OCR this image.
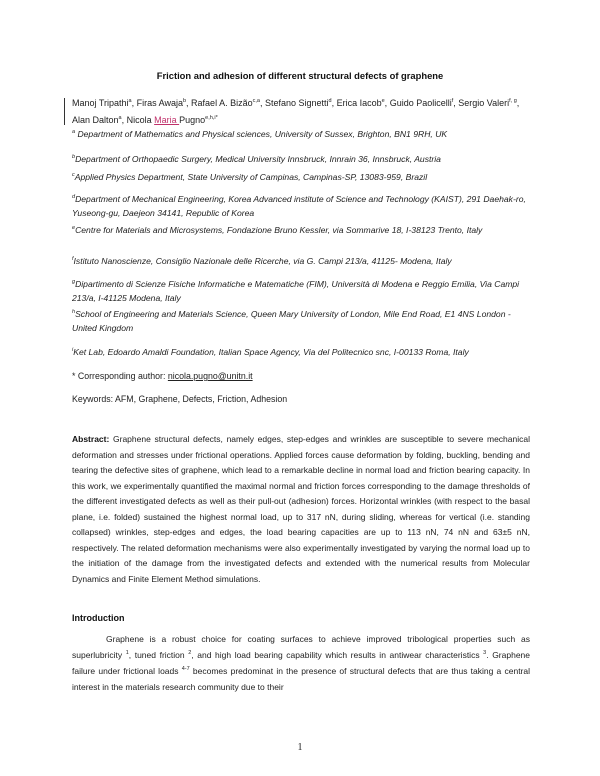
Friction and adhesion of different structural defects of graphene
Manoj Tripathi$^a$, Firas Awaja$^b$, Rafael A. Bizão$^{c,a}$, Stefano Signetti$^d$, Erica Iacob$^e$, Guido Paolicelli$^f$, Sergio Valeri$^{f, g}$, Alan Dalton$^a$, Nicola Maria Pugno$^{e,h,i*}$
$^a$ Department of Mathematics and Physical sciences, University of Sussex, Brighton, BN1 9RH, UK
$^b$Department of Orthopaedic Surgery, Medical University Innsbruck, Innrain 36, Innsbruck, Austria
$^c$Applied Physics Department, State University of Campinas, Campinas-SP, 13083-959, Brazil
$^d$Department of Mechanical Engineering, Korea Advanced institute of Science and Technology (KAIST), 291 Daehak-ro, Yuseong-gu, Daejeon 34141, Republic of Korea
$^e$Centre for Materials and Microsystems, Fondazione Bruno Kessler, via Sommarive 18, I-38123 Trento, Italy
$^f$Istituto Nanoscienze, Consiglio Nazionale delle Ricerche, via G. Campi 213/a, 41125- Modena, Italy
$^g$Dipartimento di Scienze Fisiche Informatiche e Matematiche (FIM), Università di Modena e Reggio Emilia, Via Campi 213/a, I-41125 Modena, Italy
$^h$School of Engineering and Materials Science, Queen Mary University of London, Mile End Road, E1 4NS London - United Kingdom
$^i$Ket Lab, Edoardo Amaldi Foundation, Italian Space Agency, Via del Politecnico snc, I-00133 Roma, Italy
* Corresponding author: nicola.pugno@unitn.it
Keywords: AFM, Graphene, Defects, Friction, Adhesion
Abstract: Graphene structural defects, namely edges, step-edges and wrinkles are susceptible to severe mechanical deformation and stresses under frictional operations. Applied forces cause deformation by folding, buckling, bending and tearing the defective sites of graphene, which lead to a remarkable decline in normal load and friction bearing capacity. In this work, we experimentally quantified the maximal normal and friction forces corresponding to the damage thresholds of the different investigated defects as well as their pull-out (adhesion) forces. Horizontal wrinkles (with respect to the basal plane, i.e. folded) sustained the highest normal load, up to 317 nN, during sliding, whereas for vertical (i.e. standing collapsed) wrinkles, step-edges and edges, the load bearing capacities are up to 113 nN, 74 nN and 63±5 nN, respectively. The related deformation mechanisms were also experimentally investigated by varying the normal load up to the initiation of the damage from the investigated defects and extended with the numerical results from Molecular Dynamics and Finite Element Method simulations.
Introduction
Graphene is a robust choice for coating surfaces to achieve improved tribological properties such as superlubricity $^1$, tuned friction $^2$, and high load bearing capability which results in antiwear characteristics $^3$. Graphene failure under frictional loads $^{4-7}$ becomes predominat in the presence of structural defects that are thus taking a central interest in the materials research community due to their
1
